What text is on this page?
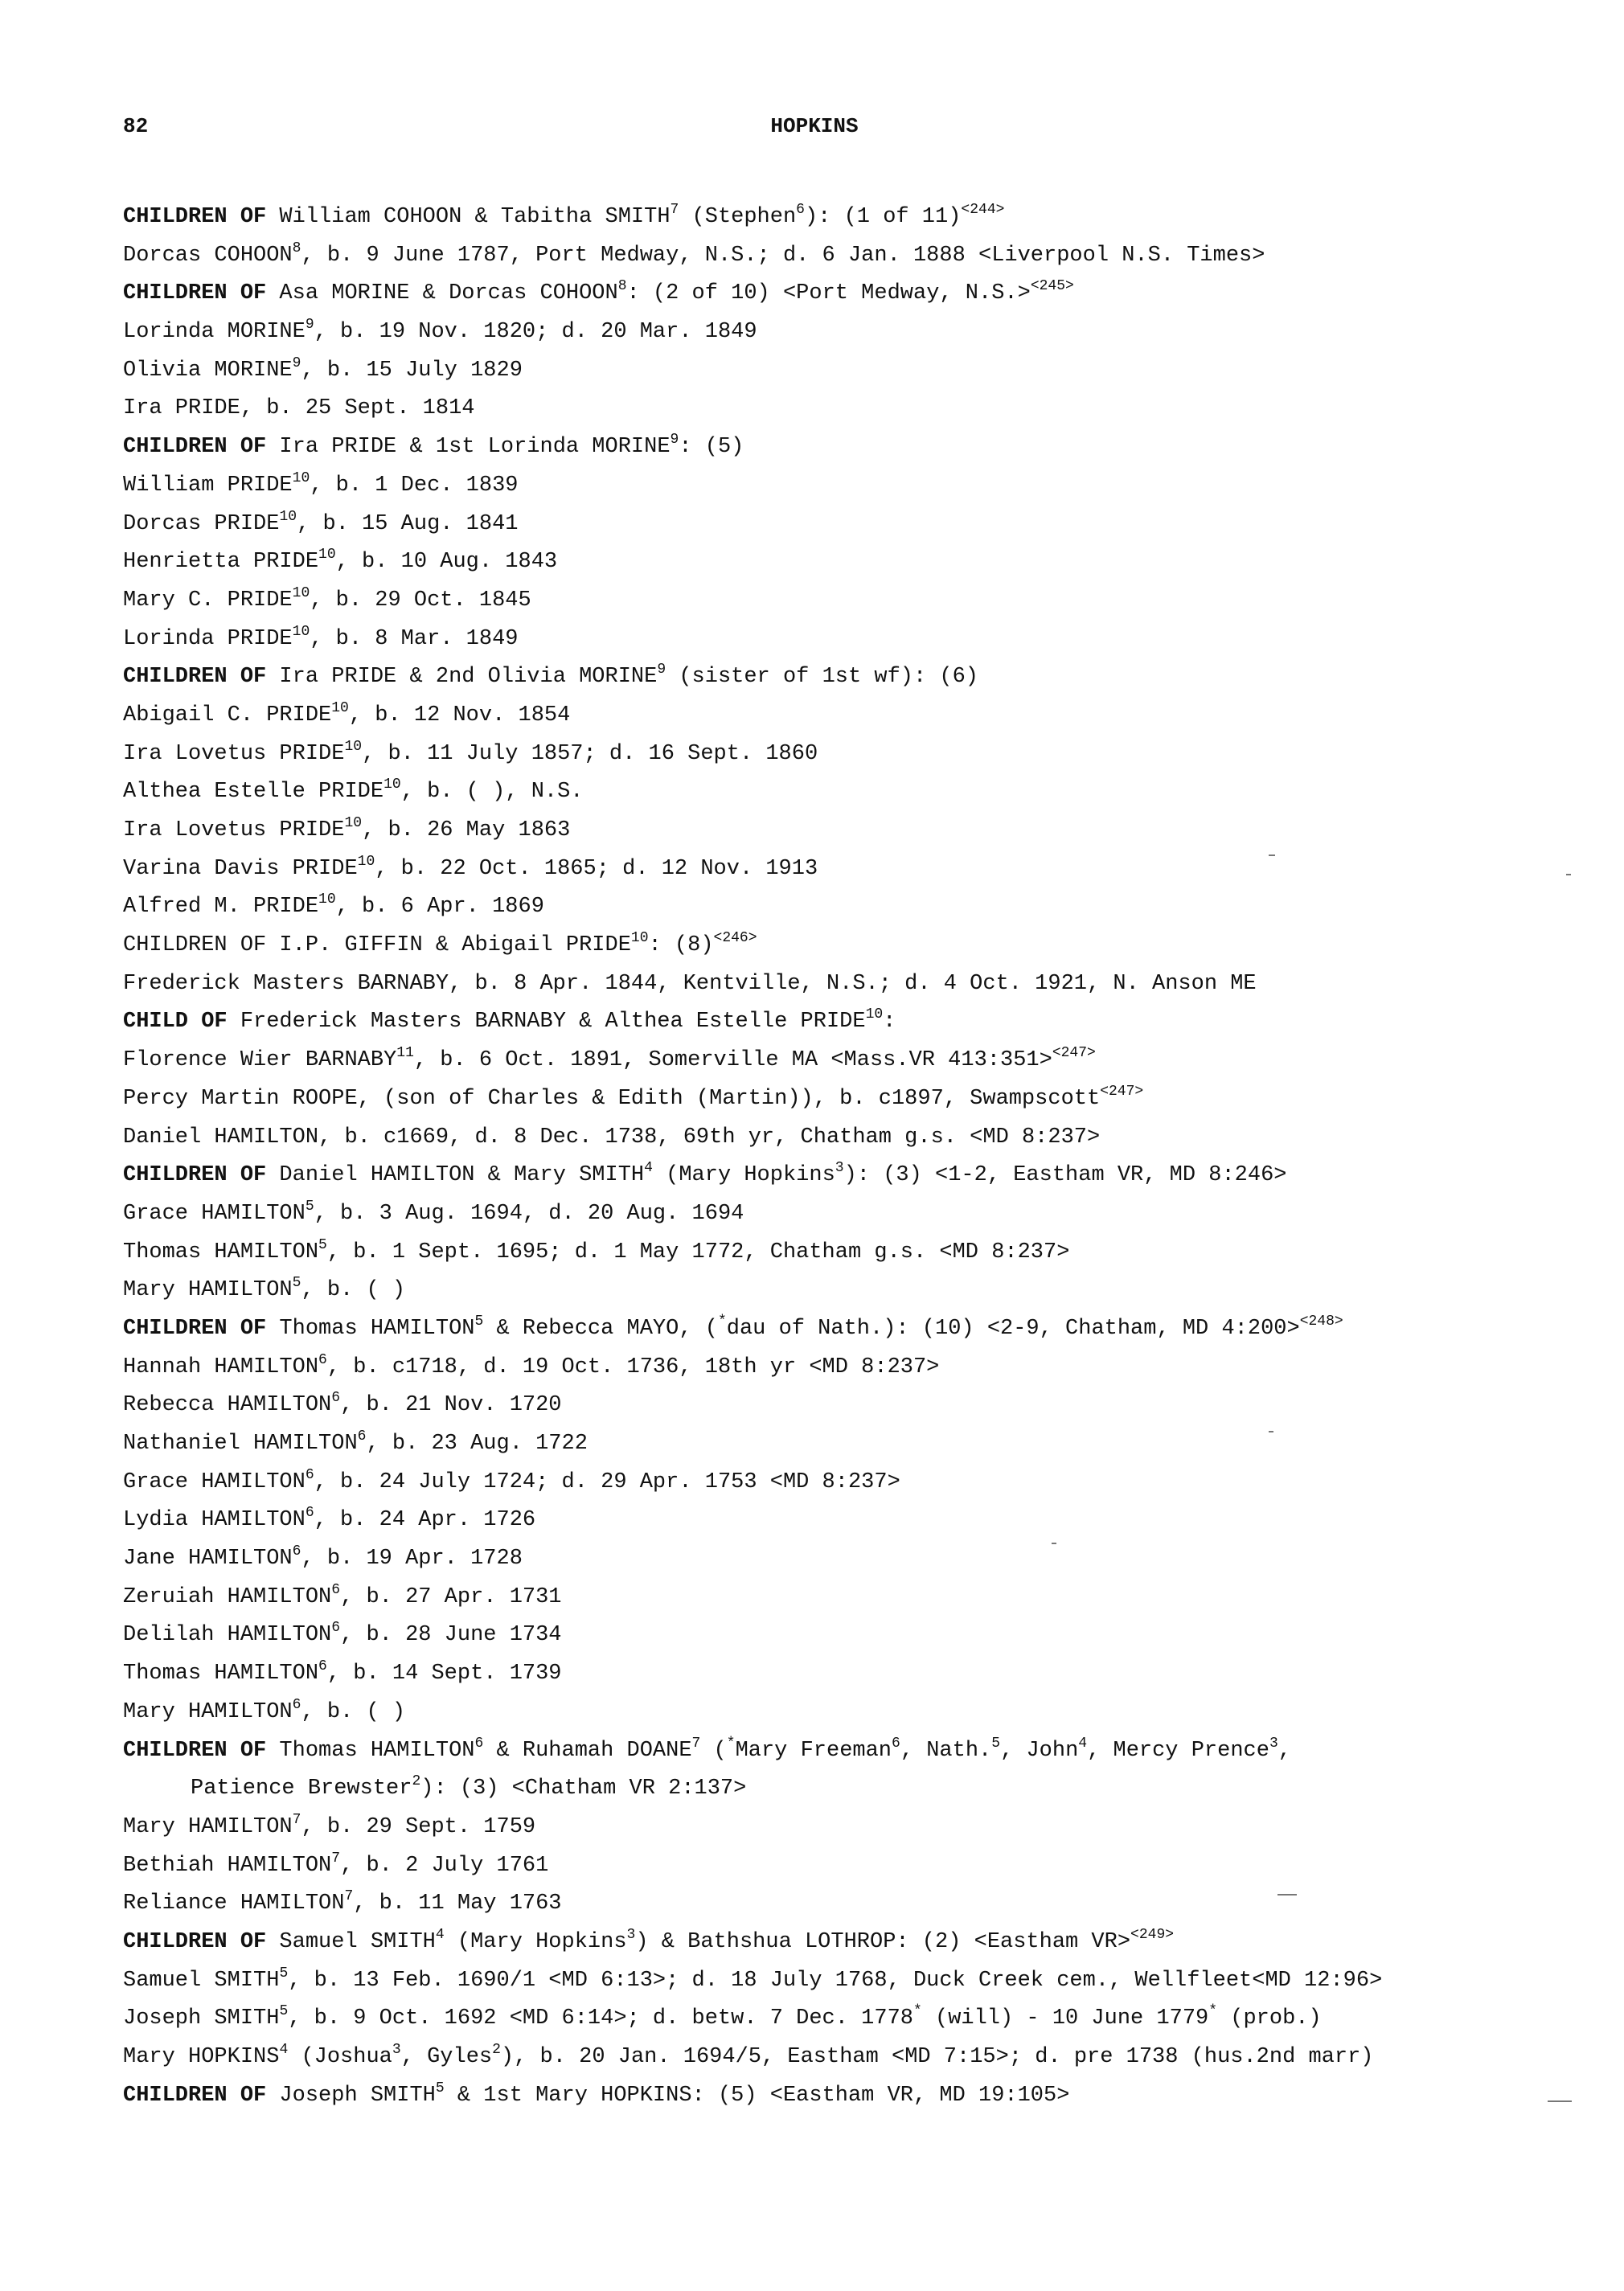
82	HOPKINS
CHILDREN OF William COHOON & Tabitha SMITH$^7$ (Stephen$^6$): (1 of 11)$^{<244>}$
Dorcas COHOON$^8$, b. 9 June 1787, Port Medway, N.S.; d. 6 Jan. 1888 <Liverpool N.S. Times>
CHILDREN OF Asa MORINE & Dorcas COHOON$^8$: (2 of 10) <Port Medway, N.S.>$^{<245>}$
Lorinda MORINE$^9$, b. 19 Nov. 1820; d. 20 Mar. 1849
Olivia MORINE$^9$, b. 15 July 1829
Ira PRIDE, b. 25 Sept. 1814
CHILDREN OF Ira PRIDE & 1st Lorinda MORINE$^9$: (5)
William PRIDE$^{10}$, b. 1 Dec. 1839
Dorcas PRIDE$^{10}$, b. 15 Aug. 1841
Henrietta PRIDE$^{10}$, b. 10 Aug. 1843
Mary C. PRIDE$^{10}$, b. 29 Oct. 1845
Lorinda PRIDE$^{10}$, b. 8 Mar. 1849
CHILDREN OF Ira PRIDE & 2nd Olivia MORINE$^9$ (sister of 1st wf): (6)
Abigail C. PRIDE$^{10}$, b. 12 Nov. 1854
Ira Lovetus PRIDE$^{10}$, b. 11 July 1857; d. 16 Sept. 1860
Althea Estelle PRIDE$^{10}$, b. ( ), N.S.
Ira Lovetus PRIDE$^{10}$, b. 26 May 1863
Varina Davis PRIDE$^{10}$, b. 22 Oct. 1865; d. 12 Nov. 1913
Alfred M. PRIDE$^{10}$, b. 6 Apr. 1869
CHILDREN OF I.P. GIFFIN & Abigail PRIDE$^{10}$: $(8)^{<246>}$
Frederick Masters BARNABY, b. 8 Apr. 1844, Kentville, N.S.; d. 4 Oct. 1921, N. Anson ME
CHILD OF Frederick Masters BARNABY & Althea Estelle PRIDE$^{10}$:
Florence Wier BARNABY$^{11}$, b. 6 Oct. 1891, Somerville MA <Mass.VR 413:351>$^{<247>}$
Percy Martin ROOPE, (son of Charles & Edith (Martin)), b. c1897, Swampscott$^{<247>}$
Daniel HAMILTON, b. c1669, d. 8 Dec. 1738, 69th yr, Chatham g.s. <MD 8:237>
CHILDREN OF Daniel HAMILTON & Mary SMITH$^4$ (Mary Hopkins$^3$): (3) <1-2, Eastham VR, MD 8:246>
Grace HAMILTON$^5$, b. 3 Aug. 1694, d. 20 Aug. 1694
Thomas HAMILTON$^5$, b. 1 Sept. 1695; d. 1 May 1772, Chatham g.s. <MD 8:237>
Mary HAMILTON$^5$, b. ( )
CHILDREN OF Thomas HAMILTON$^5$ & Rebecca MAYO, (*dau of Nath.): (10) <2-9, Chatham, MD 4:200>$^{<248>}$
Hannah HAMILTON$^6$, b. c1718, d. 19 Oct. 1736, 18th yr <MD 8:237>
Rebecca HAMILTON$^6$, b. 21 Nov. 1720
Nathaniel HAMILTON$^6$, b. 23 Aug. 1722
Grace HAMILTON$^6$, b. 24 July 1724; d. 29 Apr. 1753 <MD 8:237>
Lydia HAMILTON$^6$, b. 24 Apr. 1726
Jane HAMILTON$^6$, b. 19 Apr. 1728
Zeruiah HAMILTON$^6$, b. 27 Apr. 1731
Delilah HAMILTON$^6$, b. 28 June 1734
Thomas HAMILTON$^6$, b. 14 Sept. 1739
Mary HAMILTON$^6$, b. ( )
CHILDREN OF Thomas HAMILTON$^6$ & Ruhamah DOANE$^7$ (*Mary Freeman$^6$, Nath.$^5$, John$^4$, Mercy Prence$^3$,
Patience Brewster$^2$): (3) <Chatham VR 2:137>
Mary HAMILTON$^7$, b. 29 Sept. 1759
Bethiah HAMILTON$^7$, b. 2 July 1761
Reliance HAMILTON$^7$, b. 11 May 1763
CHILDREN OF Samuel SMITH$^4$ (Mary Hopkins$^3$) & Bathshua LOTHROP: (2) <Eastham VR>$^{<249>}$
Samuel SMITH$^5$, b. 13 Feb. 1690/1 <MD 6:13>; d. 18 July 1768, Duck Creek cem., Wellfleet<MD 12:96>
Joseph SMITH$^5$, b. 9 Oct. 1692 <MD 6:14>; d. betw. 7 Dec. 1778* (will) - 10 June 1779* (prob.)
Mary HOPKINS$^4$ (Joshua$^3$, Gyles$^2$), b. 20 Jan. 1694/5, Eastham <MD 7:15>; d. pre 1738 (hus.2nd marr)
CHILDREN OF Joseph SMITH$^5$ & 1st Mary HOPKINS: (5) <Eastham VR, MD 19:105>
